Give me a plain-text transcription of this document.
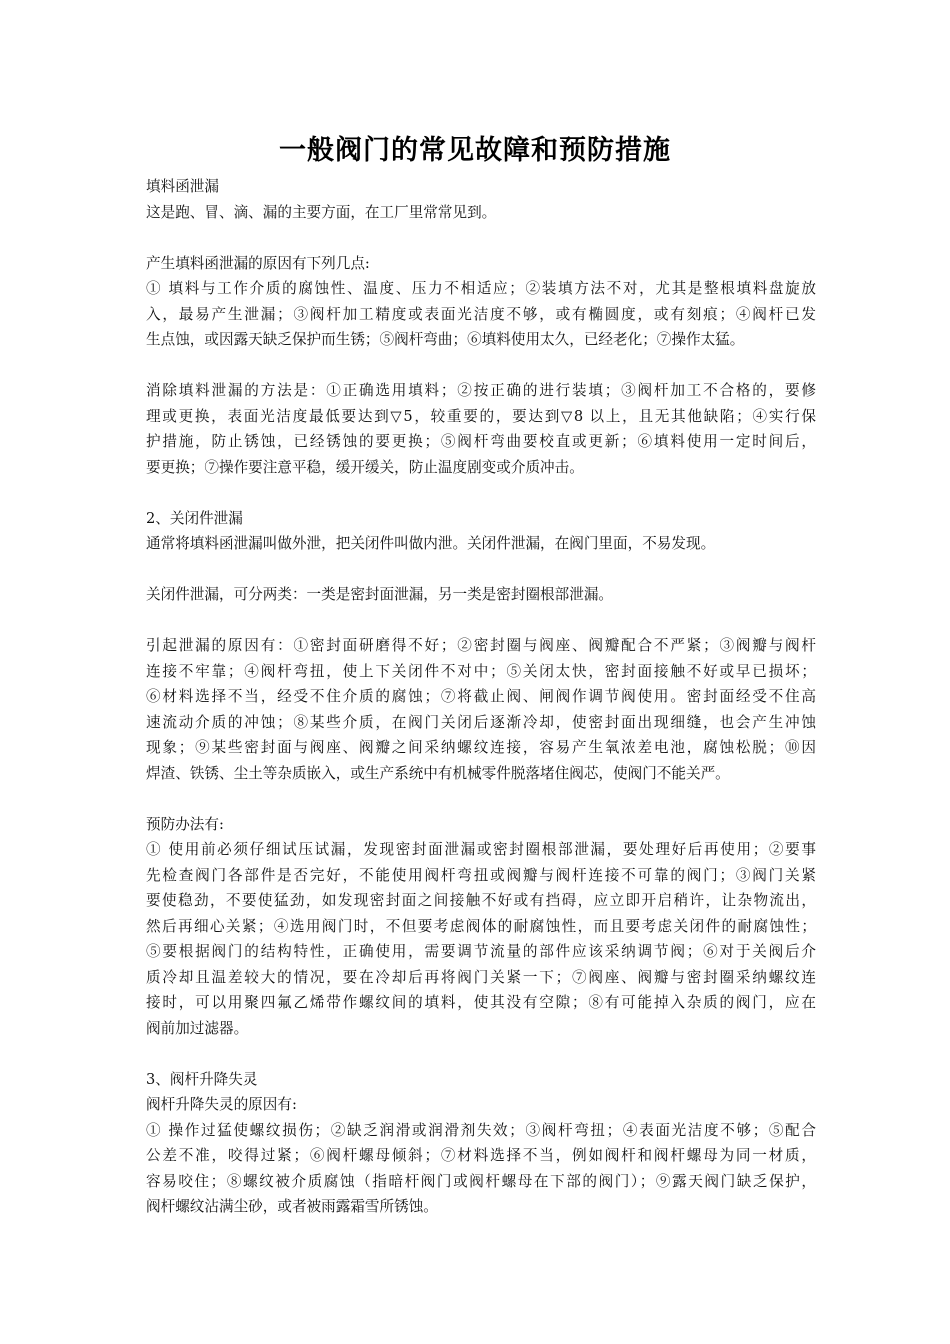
一般阀门的常见故障和预防措施
填料函泄漏
这是跑、冒、滴、漏的主要方面，在工厂里常常见到。
产生填料函泄漏的原因有下列几点:
① 填料与工作介质的腐蚀性、温度、压力不相适应；②装填方法不对，尤其是整根填料盘旋放
入，最易产生泄漏；③阀杆加工精度或表面光洁度不够，或有椭圆度，或有刻痕；④阀杆已发
生点蚀，或因露天缺乏保护而生锈；⑤阀杆弯曲；⑥填料使用太久，已经老化；⑦操作太猛。
消除填料泄漏的方法是：①正确选用填料；②按正确的进行装填；③阀杆加工不合格的，要修
理或更换，表面光洁度最低要达到▽5，较重要的，要达到▽8 以上，且无其他缺陷；④实行保
护措施，防止锈蚀，已经锈蚀的要更换；⑤阀杆弯曲要校直或更新；⑥填料使用一定时间后，
要更换；⑦操作要注意平稳，缓开缓关，防止温度剧变或介质冲击。
2、关闭件泄漏
通常将填料函泄漏叫做外泄，把关闭件叫做内泄。关闭件泄漏，在阀门里面，不易发现。
关闭件泄漏，可分两类：一类是密封面泄漏，另一类是密封圈根部泄漏。
引起泄漏的原因有：①密封面研磨得不好；②密封圈与阀座、阀瓣配合不严紧；③阀瓣与阀杆
连接不牢靠；④阀杆弯扭，使上下关闭件不对中；⑤关闭太快，密封面接触不好或早已损坏；
⑥材料选择不当，经受不住介质的腐蚀；⑦将截止阀、闸阀作调节阀使用。密封面经受不住高
速流动介质的冲蚀；⑧某些介质，在阀门关闭后逐渐冷却，使密封面出现细缝，也会产生冲蚀
现象；⑨某些密封面与阀座、阀瓣之间采纳螺纹连接，容易产生氧浓差电池，腐蚀松脱；⑩因
焊渣、铁锈、尘土等杂质嵌入，或生产系统中有机械零件脱落堵住阀芯，使阀门不能关严。
预防办法有:
① 使用前必须仔细试压试漏，发现密封面泄漏或密封圈根部泄漏，要处理好后再使用；②要事
先检查阀门各部件是否完好，不能使用阀杆弯扭或阀瓣与阀杆连接不可靠的阀门；③阀门关紧
要使稳劲，不要使猛劲，如发现密封面之间接触不好或有挡碍，应立即开启稍许，让杂物流出，
然后再细心关紧；④选用阀门时，不但要考虑阀体的耐腐蚀性，而且要考虑关闭件的耐腐蚀性；
⑤要根据阀门的结构特性，正确使用，需要调节流量的部件应该采纳调节阀；⑥对于关阀后介
质冷却且温差较大的情况，要在冷却后再将阀门关紧一下；⑦阀座、阀瓣与密封圈采纳螺纹连
接时，可以用聚四氟乙烯带作螺纹间的填料，使其没有空隙；⑧有可能掉入杂质的阀门，应在
阀前加过滤器。
3、阀杆升降失灵
阀杆升降失灵的原因有:
① 操作过猛使螺纹损伤；②缺乏润滑或润滑剂失效；③阀杆弯扭；④表面光洁度不够；⑤配合
公差不准，咬得过紧；⑥阀杆螺母倾斜；⑦材料选择不当，例如阀杆和阀杆螺母为同一材质，
容易咬住；⑧螺纹被介质腐蚀（指暗杆阀门或阀杆螺母在下部的阀门）；⑨露天阀门缺乏保护，
阀杆螺纹沾满尘砂，或者被雨露霜雪所锈蚀。
